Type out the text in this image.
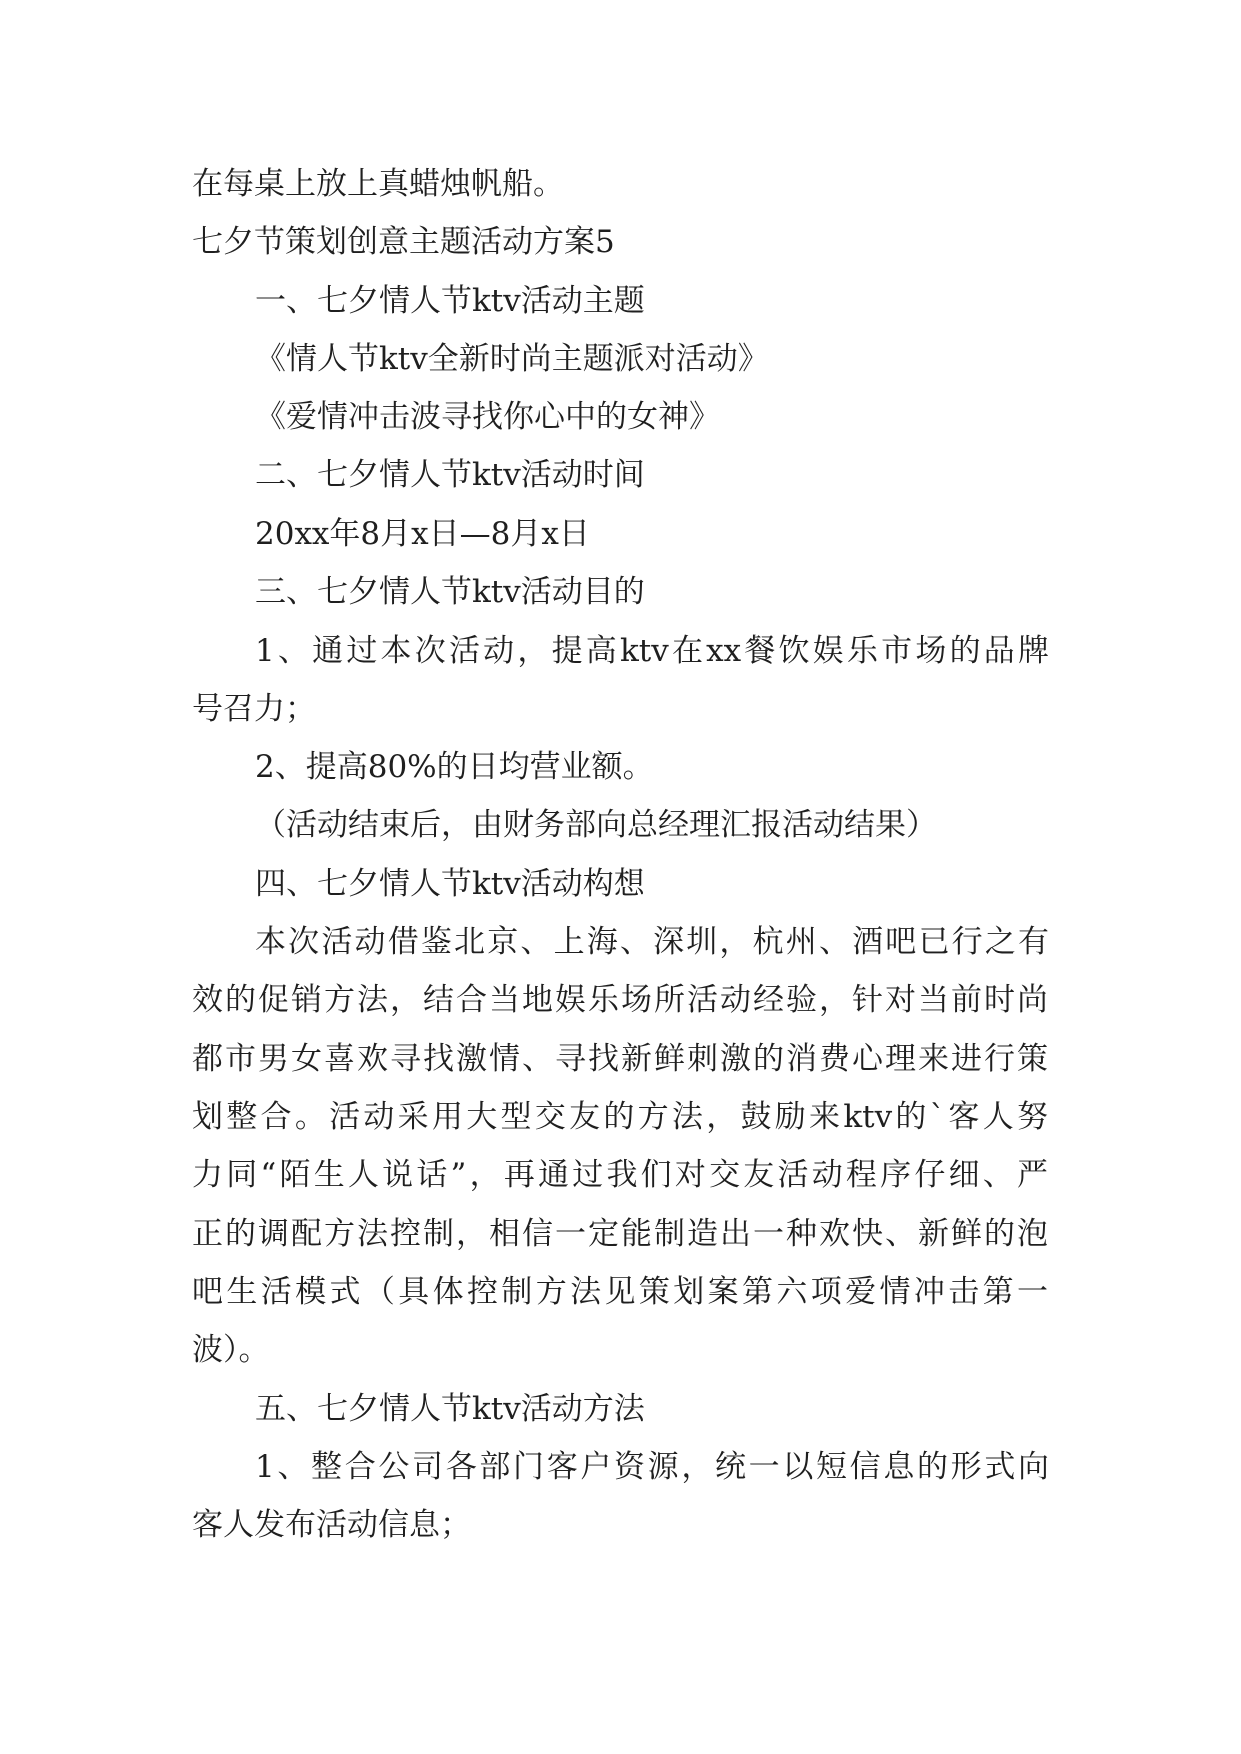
在每桌上放上真蜡烛帆船。

七夕节策划创意主题活动方案5

一、七夕情人节ktv活动主题

《情人节ktv全新时尚主题派对活动》

《爱情冲击波寻找你心中的女神》

二、七夕情人节ktv活动时间

20xx年8月x日—8月x日

三、七夕情人节ktv活动目的

1、通过本次活动，提高ktv在xx餐饮娱乐市场的品牌

号召力；

2、提高80%的日均营业额。

（活动结束后，由财务部向总经理汇报活动结果）

四、七夕情人节ktv活动构想

本次活动借鉴北京、上海、深圳，杭州、酒吧已行之有

效的促销方法，结合当地娱乐场所活动经验，针对当前时尚

都市男女喜欢寻找激情、寻找新鲜刺激的消费心理来进行策

划整合。活动采用大型交友的方法，鼓励来ktv的`客人努

力同“陌生人说话”，再通过我们对交友活动程序仔细、严

正的调配方法控制，相信一定能制造出一种欢快、新鲜的泡

吧生活模式（具体控制方法见策划案第六项爱情冲击第一

波）。

五、七夕情人节ktv活动方法

1、整合公司各部门客户资源，统一以短信息的形式向

客人发布活动信息；
